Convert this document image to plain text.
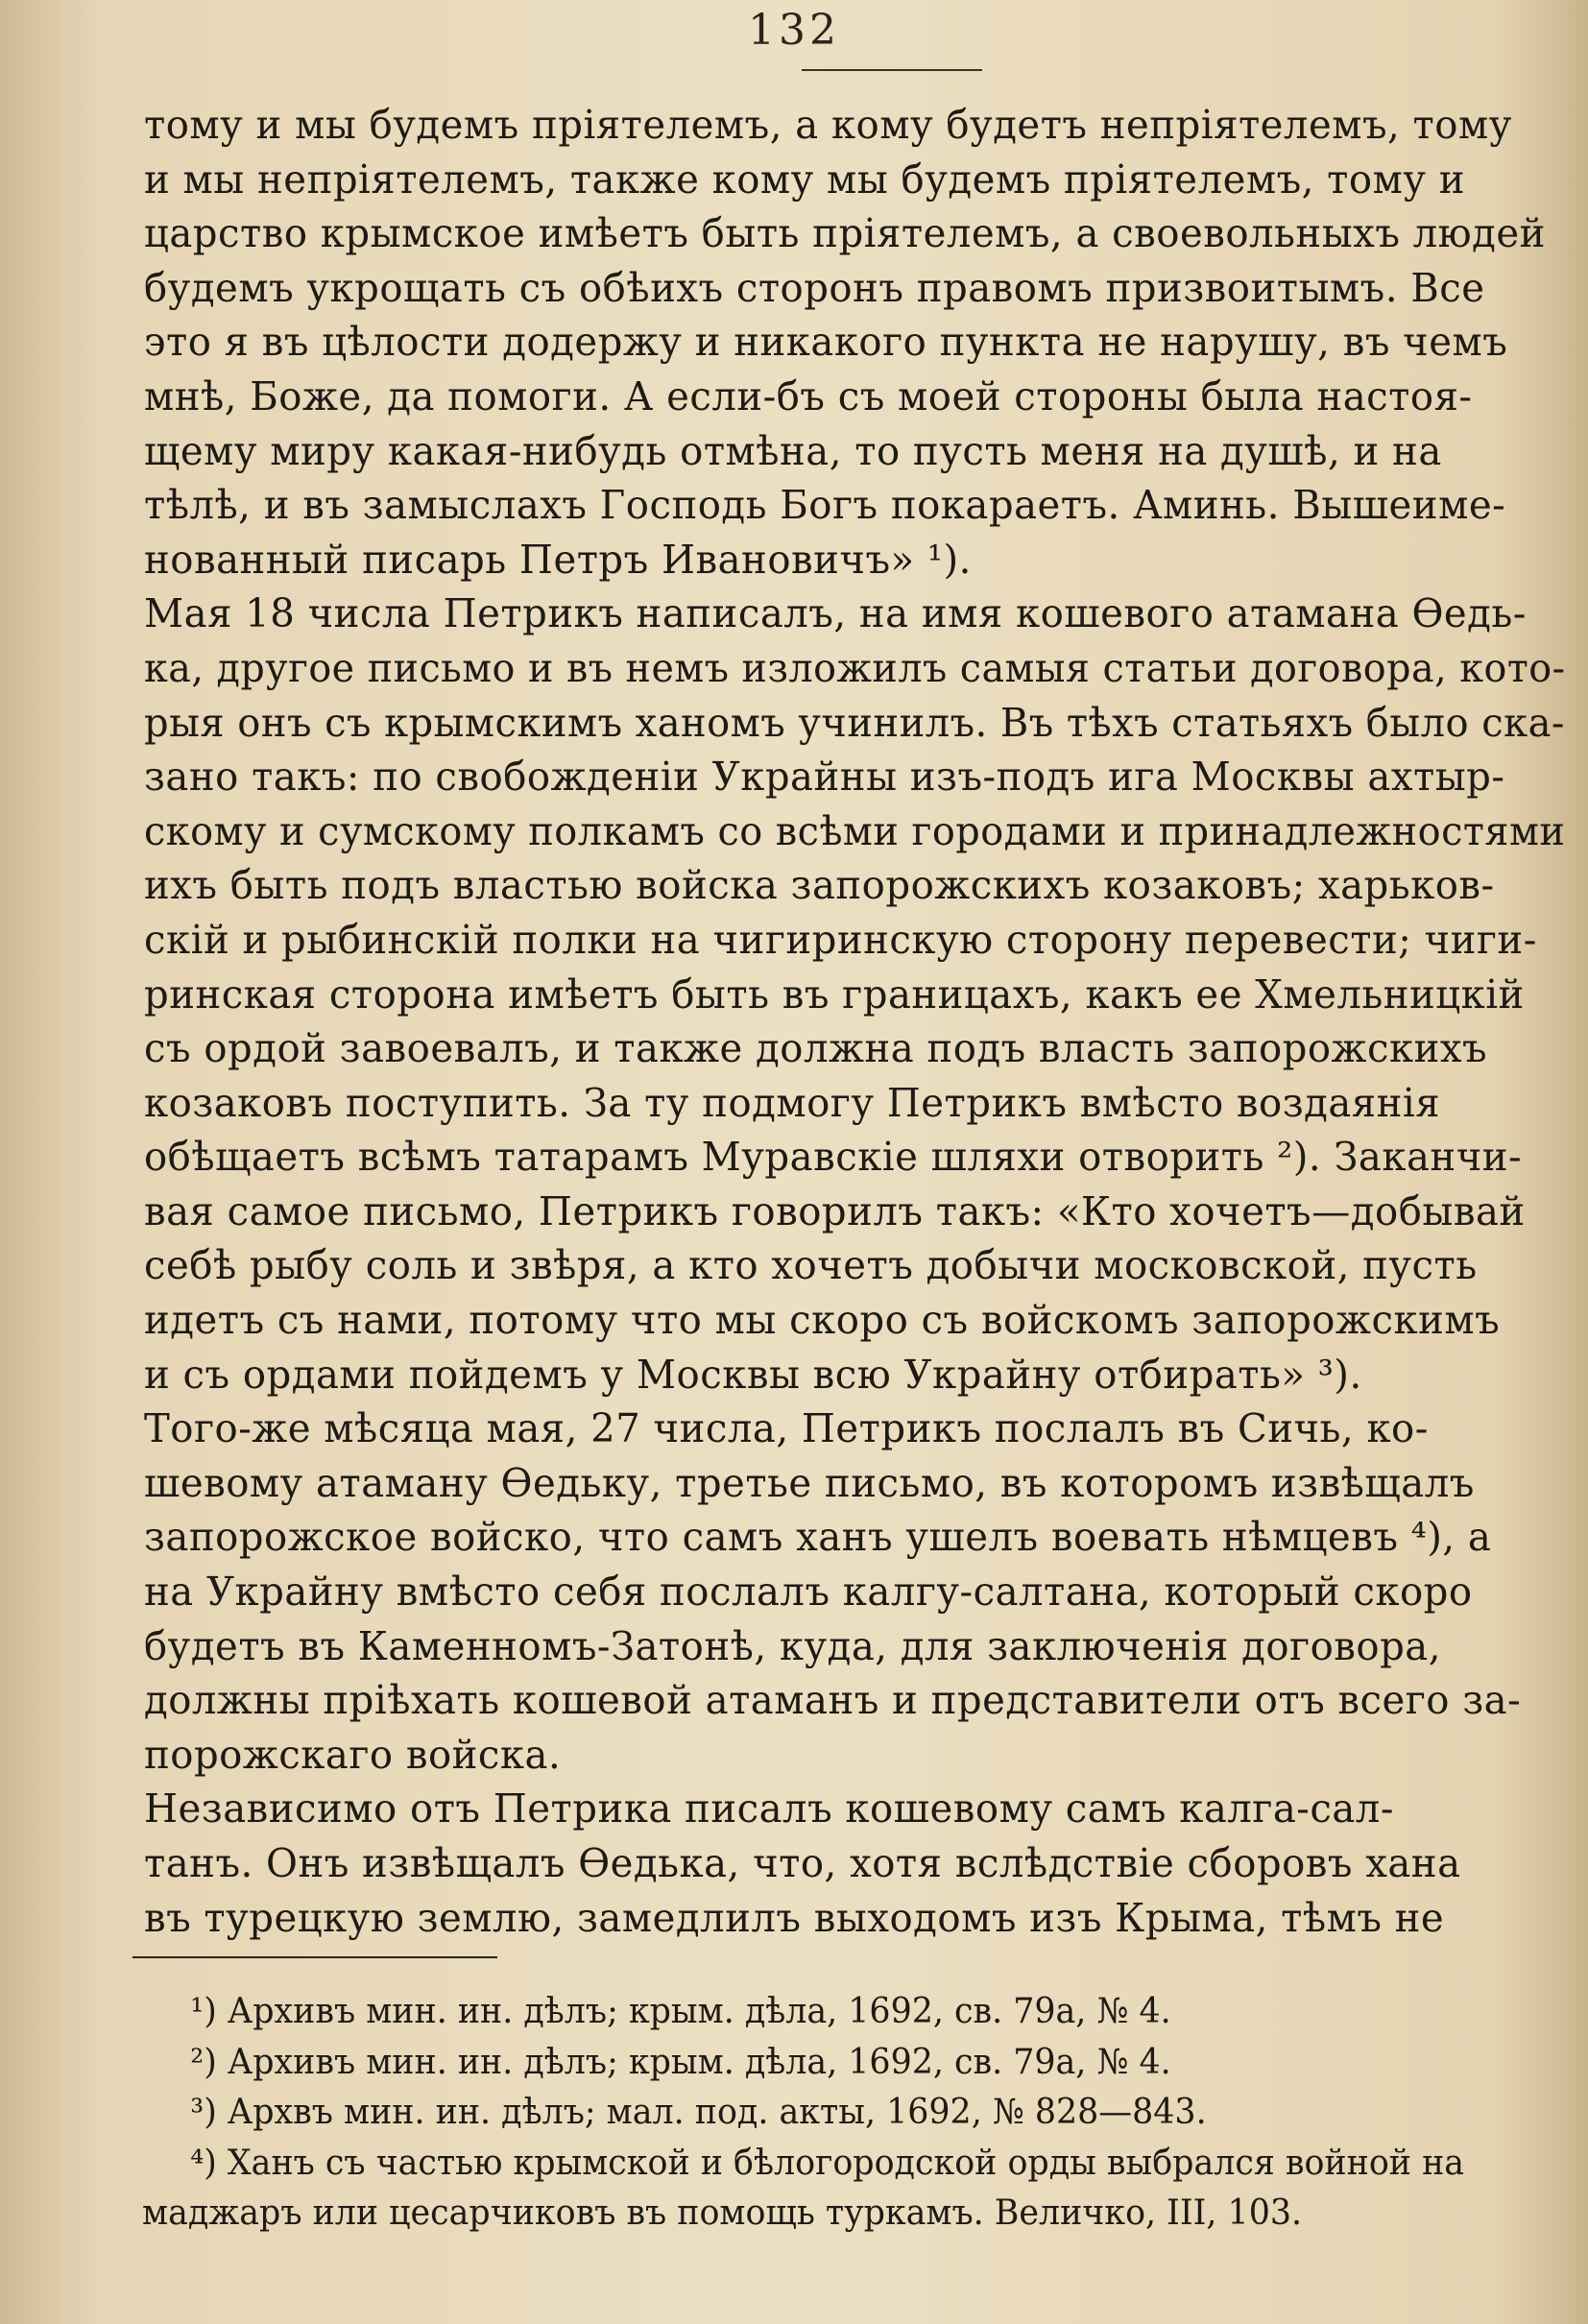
132
тому и мы будемъ пріятелемъ, а кому будетъ непріятелемъ, тому
и мы непріятелемъ, также кому мы будемъ пріятелемъ, тому и
царство крымское имѣетъ быть пріятелемъ, а своевольныхъ людей
будемъ укрощать съ обѣихъ сторонъ правомъ призвоитымъ. Все
это я въ цѣлости додержу и никакого пункта не нарушу, въ чемъ
мнѣ, Боже, да помоги. А если-бъ съ моей стороны была настоя-
щему миру какая-нибудь отмѣна, то пусть меня на душѣ, и на
тѣлѣ, и въ замыслахъ Господь Богъ покараетъ. Аминь. Вышеиме-
нованный писарь Петръ Ивановичъ» ¹).
Мая 18 числа Петрикъ написалъ, на имя кошевого атамана Ѳедь-
ка, другое письмо и въ немъ изложилъ самыя статьи договора, кото-
рыя онъ съ крымскимъ ханомъ учинилъ. Въ тѣхъ статьяхъ было ска-
зано такъ: по свобожденіи Украйны изъ-подъ ига Москвы ахтыр-
скому и сумскому полкамъ со всѣми городами и принадлежностями
ихъ быть подъ властью войска запорожскихъ козаковъ; харьков-
скій и рыбинскій полки на чигиринскую сторону перевести; чиги-
ринская сторона имѣетъ быть въ границахъ, какъ ее Хмельницкій
съ ордой завоевалъ, и также должна подъ власть запорожскихъ
козаковъ поступить. За ту подмогу Петрикъ вмѣсто воздаянія
обѣщаетъ всѣмъ татарамъ Муравскіе шляхи отворить ²). Заканчи-
вая самое письмо, Петрикъ говорилъ такъ: «Кто хочетъ—добывай
себѣ рыбу соль и звѣря, а кто хочетъ добычи московской, пусть
идетъ съ нами, потому что мы скоро съ войскомъ запорожскимъ
и съ ордами пойдемъ у Москвы всю Украйну отбирать» ³).
Того-же мѣсяца мая, 27 числа, Петрикъ послалъ въ Сичь, ко-
шевому атаману Ѳедьку, третье письмо, въ которомъ извѣщалъ
запорожское войско, что самъ ханъ ушелъ воевать нѣмцевъ ⁴), а
на Украйну вмѣсто себя послалъ калгу-салтана, который скоро
будетъ въ Каменномъ-Затонѣ, куда, для заключенія договора,
должны пріѣхать кошевой атаманъ и представители отъ всего за-
порожскаго войска.
Независимо отъ Петрика писалъ кошевому самъ калга-сал-
танъ. Онъ извѣщалъ Ѳедька, что, хотя вслѣдствіе сборовъ хана
въ турецкую землю, замедлилъ выходомъ изъ Крыма, тѣмъ не
¹) Архивъ мин. ин. дѣлъ; крым. дѣла, 1692, св. 79а, № 4.
²) Архивъ мин. ин. дѣлъ; крым. дѣла, 1692, св. 79а, № 4.
³) Архвъ мин. ин. дѣлъ; мал. под. акты, 1692, № 828—843.
⁴) Ханъ съ частью крымской и бѣлогородской орды выбрался войной на
маджаръ или цесарчиковъ въ помощь туркамъ. Величко, III, 103.
